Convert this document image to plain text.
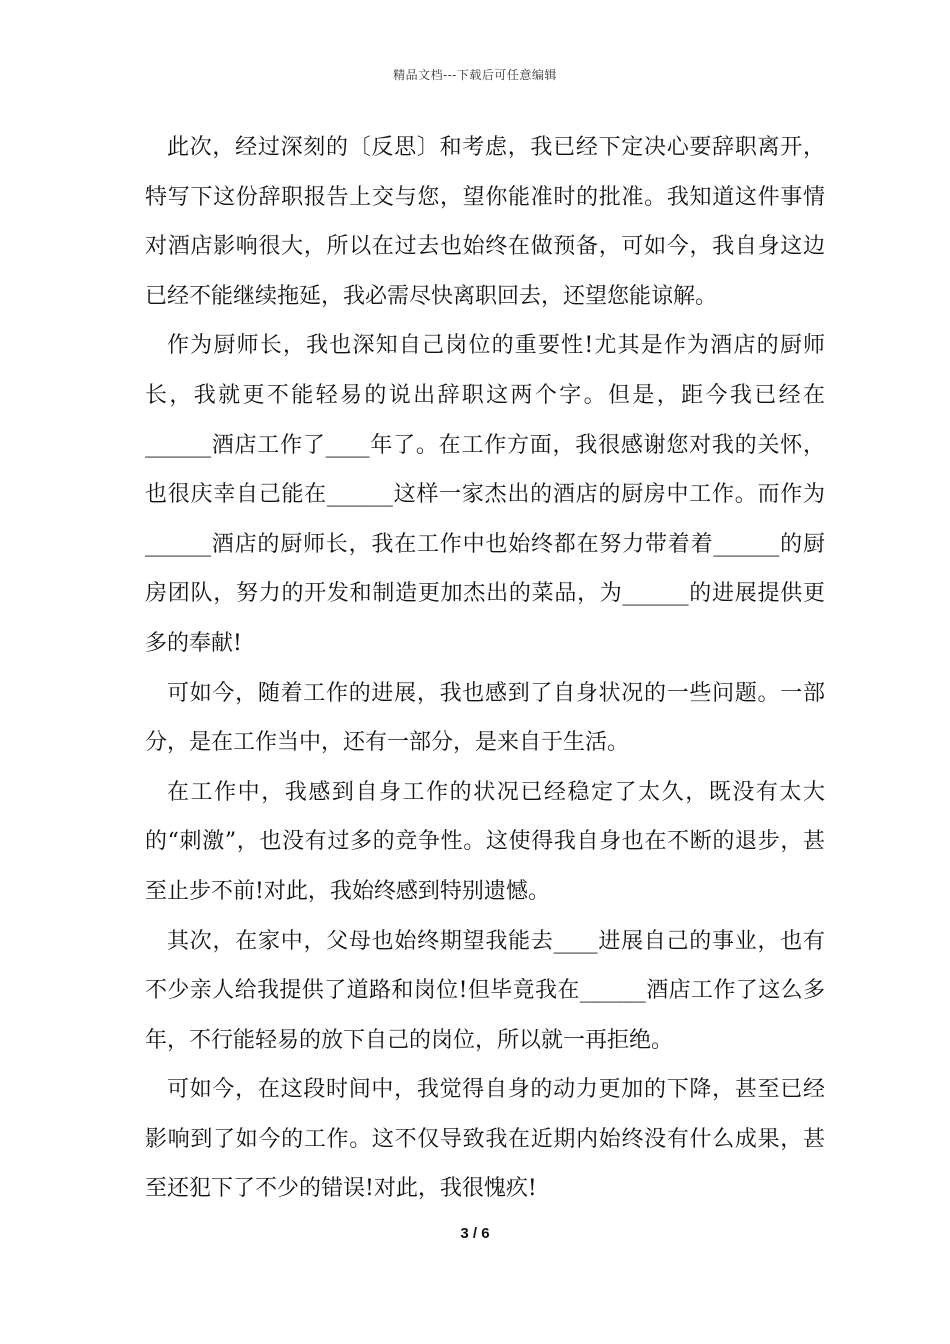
精品文档---下载后可任意编辑

此次，经过深刻的〔反思〕和考虑，我已经下定决心要辞职离开，特写下这份辞职报告上交与您，望你能准时的批准。我知道这件事情对酒店影响很大，所以在过去也始终在做预备，可如今，我自身这边已经不能继续拖延，我必需尽快离职回去，还望您能谅解。

作为厨师长，我也深知自己岗位的重要性!尤其是作为酒店的厨师长，我就更不能轻易的说出辞职这两个字。但是，距今我已经在______酒店工作了____年了。在工作方面，我很感谢您对我的关怀，也很庆幸自己能在______这样一家杰出的酒店的厨房中工作。而作为______酒店的厨师长，我在工作中也始终都在努力带着着______的厨房团队，努力的开发和制造更加杰出的菜品，为______的进展提供更多的奉献!

可如今，随着工作的进展，我也感到了自身状况的一些问题。一部分，是在工作当中，还有一部分，是来自于生活。

在工作中，我感到自身工作的状况已经稳定了太久，既没有太大的“刺激”，也没有过多的竞争性。这使得我自身也在不断的退步，甚至止步不前!对此，我始终感到特别遗憾。

其次，在家中，父母也始终期望我能去____进展自己的事业，也有不少亲人给我提供了道路和岗位!但毕竟我在______酒店工作了这么多年，不行能轻易的放下自己的岗位，所以就一再拒绝。

可如今，在这段时间中，我觉得自身的动力更加的下降，甚至已经影响到了如今的工作。这不仅导致我在近期内始终没有什么成果，甚至还犯下了不少的错误!对此，我很愧疚!

3 / 6
